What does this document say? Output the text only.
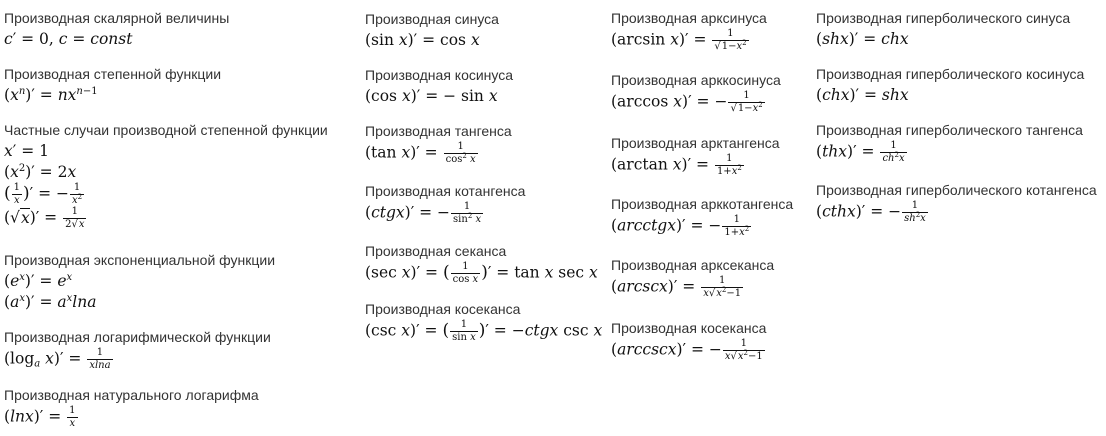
Производная скалярной величины
c′ = 0, c = const
Производная степенной функции
$(x^n)' = nx^{n-1}$
Частные случаи производной степенной функции
x′ = 1
$(x^2)' = 2x$
( $\frac{1}{x}$ )′ = − $\frac{1}{x^2}$
$(√x)' = \frac{1}{2√x}$
Производная экспоненциальной функции
$(e^x)' = e^x$
$(a^x)' = a^x\ln a$
Производная логарифмической функции
($\log_a$ $x)' = \frac{1}{xlna}$
Производная натурального логарифма
$(\ln x)' = \frac{1}{x}$
Производная синуса
(sin x)′ = cos x
Производная косинуса
(cos x)′ = − sin x
Производная тангенса
(tan $x)' = \frac{1}{\cos^2 x}$
Производная котангенса
(ctgx)′ = − $\frac{1}{\sin^2 x}$
Производная секанса
(sec x)′ = ( $\frac{1}{\text{cos x}}$ )′ = tan x sec x
Производная косеканса
(csc x)′ = ( $\frac{1}{\text{sin x}}$ )′ = −ctgx csc x
Производная арксинуса
(arcsin $x)' = \frac{1}{√1-x^2}$
Производная арккосинуса
(arccos x)′ = − $\frac{1}{√1-x^2}$
Производная арктангенса
(arctan $x)' = \frac{1}{1+x^2}$
Производная арккотангенса
(arcctgx)′ = − $\frac{1}{1+x^2}$
Производная арксеканса
$(arcscx)' = \frac{1}{x√x^2-1}$
Производная косеканса
(arccscx)′ = − $\frac{1}{x√x^2-1}$
Производная гиперболического синуса
(shx)′ = chx
Производная гиперболического косинуса
(chx)′ = shx
Производная гиперболического тангенса
$(thx)' = \frac{1}{ch^2x}$
Производная гиперболического котангенса
(cthx)′ = − $\frac{1}{sh^2x}$
